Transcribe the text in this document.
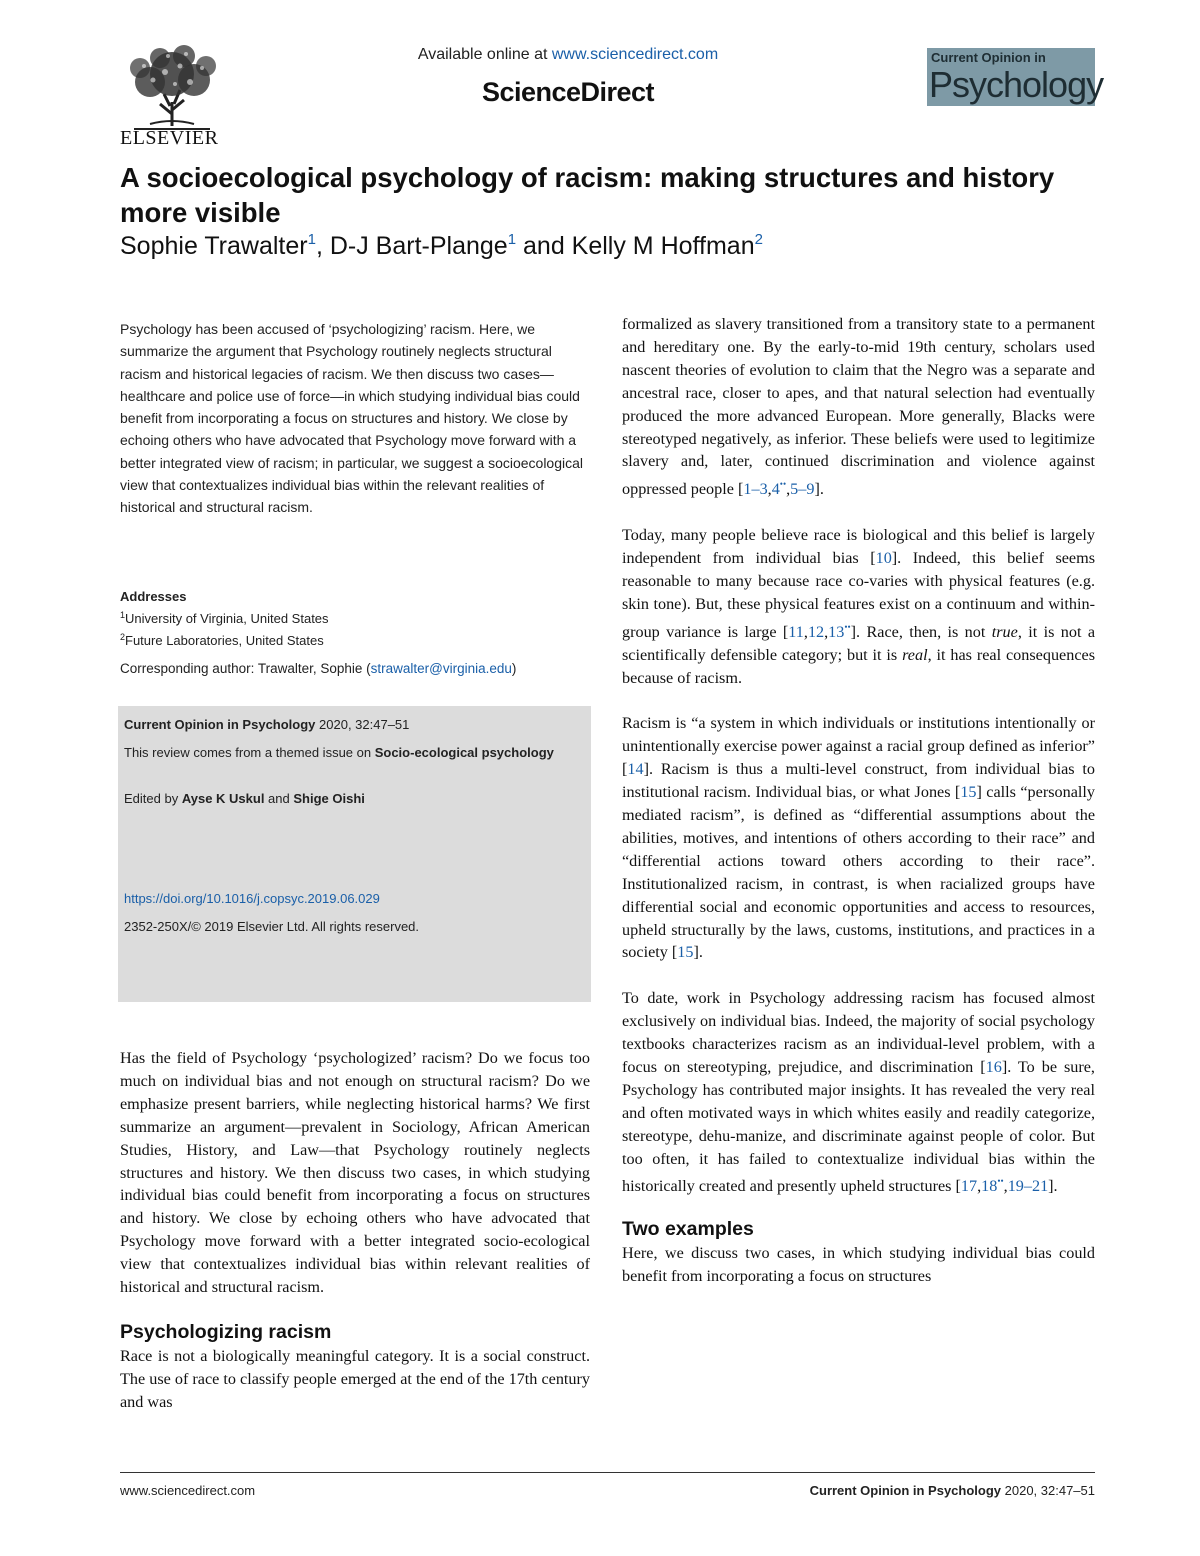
ELSEVIER
Available online at www.sciencedirect.com
ScienceDirect
Current Opinion in
Psychology
A socioecological psychology of racism: making structures and history more visible
Sophie Trawalter$^1$, D-J Bart-Plange$^1$ and Kelly M Hoffman$^2$
Psychology has been accused of ‘psychologizing’ racism. Here, we summarize the argument that Psychology routinely neglects structural racism and historical legacies of racism. We then discuss two cases—healthcare and police use of force—in which studying individual bias could benefit from incorporating a focus on structures and history. We close by echoing others who have advocated that Psychology move forward with a better integrated view of racism; in particular, we suggest a socioecological view that contextualizes individual bias within the relevant realities of historical and structural racism.
Addresses
$^1$University of Virginia, United States
$^2$Future Laboratories, United States
Corresponding author: Trawalter, Sophie (strawalter@virginia.edu)
Current Opinion in Psychology 2020, 32:47–51
This review comes from a themed issue on Socio-ecological psychology
Edited by Ayse K Uskul and Shige Oishi
https://doi.org/10.1016/j.copsyc.2019.06.029
2352-250X/© 2019 Elsevier Ltd. All rights reserved.

Has the field of Psychology ‘psychologized’ racism? Do we focus too much on individual bias and not enough on structural racism? Do we emphasize present barriers, while neglecting historical harms? We first summarize an argument—prevalent in Sociology, African American Studies, History, and Law—that Psychology routinely neglects structures and history. We then discuss two cases, in which studying individual bias could benefit from incorporating a focus on structures and history. We close by echoing others who have advocated that Psychology move forward with a better integrated socio-ecological view that contextualizes individual bias within relevant realities of historical and structural racism.

Psychologizing racism

Race is not a biologically meaningful category. It is a social construct. The use of race to classify people emerged at the end of the 17th century and was

formalized as slavery transitioned from a transitory state to a permanent and hereditary one. By the early-to-mid 19th century, scholars used nascent theories of evolution to claim that the Negro was a separate and ancestral race, closer to apes, and that natural selection had eventually produced the more advanced European. More generally, Blacks were stereotyped negatively, as inferior. These beliefs were used to legitimize slavery and, later, continued discrimination and violence against oppressed people [1–3,4••,5–9].

Today, many people believe race is biological and this belief is largely independent from individual bias [10]. Indeed, this belief seems reasonable to many because race co-varies with physical features (e.g. skin tone). But, these physical features exist on a continuum and within-group variance is large [11,12,13••]. Race, then, is not true, it is not a scientifically defensible category; but it is real, it has real consequences because of racism.

Racism is “a system in which individuals or institutions intentionally or unintentionally exercise power against a racial group defined as inferior” [14]. Racism is thus a multi-level construct, from individual bias to institutional racism. Individual bias, or what Jones [15] calls “personally mediated racism”, is defined as “differential assumptions about the abilities, motives, and intentions of others according to their race” and “differential actions toward others according to their race”. Institutionalized racism, in contrast, is when racialized groups have differential social and economic opportunities and access to resources, upheld structurally by the laws, customs, institutions, and practices in a society [15].

To date, work in Psychology addressing racism has focused almost exclusively on individual bias. Indeed, the majority of social psychology textbooks characterizes racism as an individual-level problem, with a focus on stereotyping, prejudice, and discrimination [16]. To be sure, Psychology has contributed major insights. It has revealed the very real and often motivated ways in which whites easily and readily categorize, stereotype, dehu-manize, and discriminate against people of color. But too often, it has failed to contextualize individual bias within the historically created and presently upheld structures [17,18••,19–21].

Two examples

Here, we discuss two cases, in which studying individual bias could benefit from incorporating a focus on structures

www.sciencedirect.com	Current Opinion in Psychology 2020, 32:47–51
